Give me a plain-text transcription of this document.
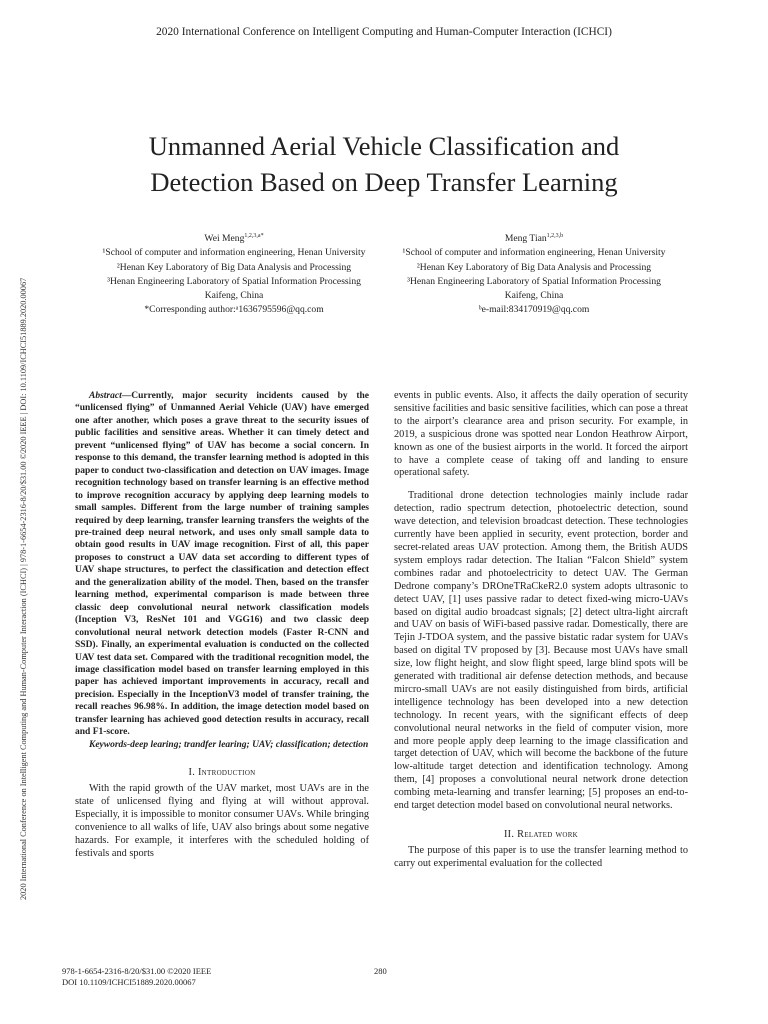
2020 International Conference on Intelligent Computing and Human-Computer Interaction (ICHCI)
2020 International Conference on Intelligent Computing and Human-Computer Interaction (ICHCI) | 978-1-6654-2316-8/20/$31.00 ©2020 IEEE | DOI: 10.1109/ICHCI51889.2020.00067
Unmanned Aerial Vehicle Classification and
Detection Based on Deep Transfer Learning
Wei Meng$^{1,2,3,a*}$
¹School of computer and information engineering, Henan University
²Henan Key Laboratory of Big Data Analysis and Processing
³Henan Engineering Laboratory of Spatial Information Processing
Kaifeng, China
*Corresponding author:ᵃ1636795596@qq.com
Meng Tian$^{1,2,3,b}$
¹School of computer and information engineering, Henan University
²Henan Key Laboratory of Big Data Analysis and Processing
³Henan Engineering Laboratory of Spatial Information Processing
Kaifeng, China
ᵇe-mail:834170919@qq.com

Abstract—Currently, major security incidents caused by the “unlicensed flying” of Unmanned Aerial Vehicle (UAV) have emerged one after another, which poses a grave threat to the security issues of public facilities and sensitive areas. Whether it can timely detect and prevent “unlicensed flying” of UAV has become a social concern. In response to this demand, the transfer learning method is adopted in this paper to conduct two-classification and detection on UAV images. Image recognition technology based on transfer learning is an effective method to improve recognition accuracy by applying deep learning models to small samples. Different from the large number of training samples required by deep learning, transfer learning transfers the weights of the pre-trained deep neural network, and uses only small sample data to obtain good results in UAV image recognition. First of all, this paper proposes to construct a UAV data set according to different types of UAV shape structures, to perfect the classification and detection effect and the generalization ability of the model. Then, based on the transfer learning method, experimental comparison is made between three classic deep convolutional neural network classification models (Inception V3, ResNet 101 and VGG16) and two classic deep convolutional neural network detection models (Faster R-CNN and SSD). Finally, an experimental evaluation is conducted on the collected UAV test data set. Compared with the traditional recognition model, the image classification model based on transfer learning employed in this paper has achieved important improvements in accuracy, recall and precision. Especially in the InceptionV3 model of transfer training, the recall reaches 96.98%. In addition, the image detection model based on transfer learning has achieved good detection results in accuracy, recall and F1-score.

Keywords-deep learing; trandfer learing; UAV; classification; detection

I. Introduction

With the rapid growth of the UAV market, most UAVs are in the state of unlicensed flying and flying at will without approval. Especially, it is impossible to monitor consumer UAVs. While bringing convenience to all walks of life, UAV also brings about some negative hazards. For example, it interferes with the scheduled holding of festivals and sports

events in public events. Also, it affects the daily operation of security sensitive facilities and basic sensitive facilities, which can pose a threat to the airport’s clearance area and prison security. For example, in 2019, a suspicious drone was spotted near London Heathrow Airport, known as one of the busiest airports in the world. It forced the airport to have a complete cease of taking off and landing to ensure operational safety.

Traditional drone detection technologies mainly include radar detection, radio spectrum detection, photoelectric detection, sound wave detection, and television broadcast detection. These technologies currently have been applied in security, event protection, border and secret-related areas UAV protection. Among them, the British AUDS system employs radar detection. The Italian “Falcon Shield” system combines radar and photoelectricity to detect UAV. The German Dedrone company’s DROneTRaCkeR2.0 system adopts ultrasonic to detect UAV, [1] uses passive radar to detect fixed-wing micro-UAVs based on digital audio broadcast signals; [2] detect ultra-light aircraft and UAV on basis of WiFi-based passive radar. Domestically, there are Tejin J-TDOA system, and the passive bistatic radar system for UAVs based on digital TV proposed by [3]. Because most UAVs have small size, low flight height, and slow flight speed, large blind spots will be generated with traditional air defense detection methods, and because mircro-small UAVs are not easily distinguished from birds, artificial intelligence technology has been developed into a new detection technology. In recent years, with the significant effects of deep convolutional neural networks in the field of computer vision, more and more people apply deep learning to the image classification and target detection of UAV, which will become the backbone of the future low-altitude target detection and identification technology. Among them, [4] proposes a convolutional neural network drone detection combing meta-learning and transfer learning; [5] proposes an end-to-end target detection model based on convolutional neural networks.

II. Related work

The purpose of this paper is to use the transfer learning method to carry out experimental evaluation for the collected

978-1-6654-2316-8/20/$31.00 ©2020 IEEE
DOI 10.1109/ICHCI51889.2020.00067
280
